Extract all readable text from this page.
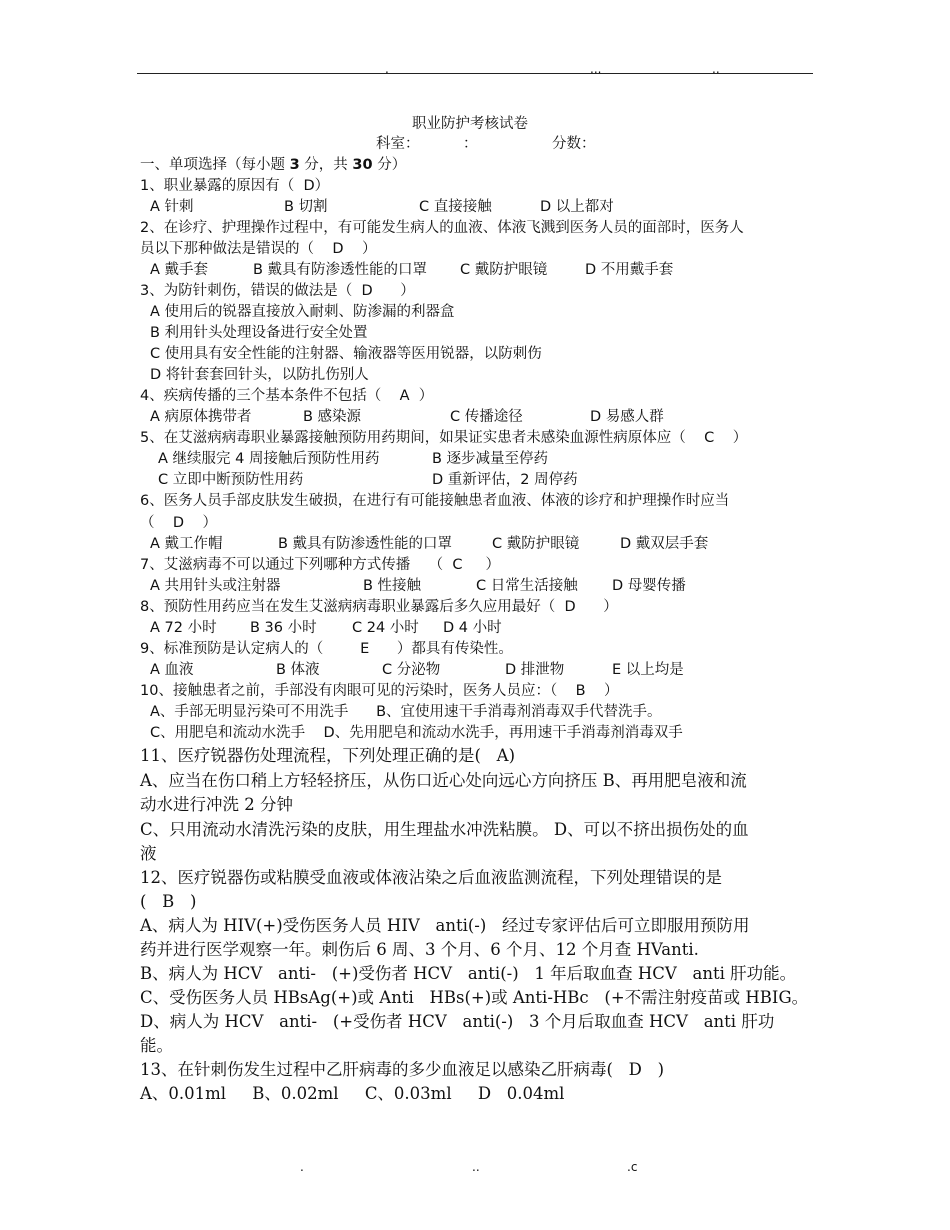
.	...	..
职业防护考核试卷
科室：	：	分数：
一、单项选择（每小题 3 分，共 30 分）
1、职业暴露的原因有（  D）
A 针刺	B 切割	C 直接接触	D 以上都对
2、在诊疗、护理操作过程中，有可能发生病人的血液、体液飞溅到医务人员的面部时，医务人
员以下那种做法是错误的（    D    ）
A 戴手套	B 戴具有防渗透性能的口罩 C 戴防护眼镜	D 不用戴手套
3、为防针刺伤，错误的做法是（  D      ）
A 使用后的锐器直接放入耐刺、防渗漏的利器盒
B 利用针头处理设备进行安全处置
C 使用具有安全性能的注射器、输液器等医用锐器，以防刺伤
D 将针套套回针头，以防扎伤别人
4、疾病传播的三个基本条件不包括（    A  ）
A 病原体携带者	B 感染源	C 传播途径	D 易感人群
5、在艾滋病病毒职业暴露接触预防用药期间，如果证实患者未感染血源性病原体应（    C    ）
A 继续服完 4 周接触后预防性用药	B 逐步减量至停药
C 立即中断预防性用药	D 重新评估，2 周停药
6、医务人员手部皮肤发生破损，在进行有可能接触患者血液、体液的诊疗和护理操作时应当
（    D    ）
A 戴工作帽	B 戴具有防渗透性能的口罩	C 戴防护眼镜	D 戴双层手套
7、艾滋病毒不可以通过下列哪种方式传播    （  C     ）
A 共用针头或注射器	B 性接触	C 日常生活接触 D 母婴传播
8、预防性用药应当在发生艾滋病病毒职业暴露后多久应用最好（  D      ）
A 72 小时 B 36 小时 C 24 小时 D 4 小时
9、标准预防是认定病人的（        E      ）都具有传染性。
A 血液	B 体液	C 分泌物	D 排泄物	E 以上均是
10、接触患者之前，手部没有肉眼可见的污染时，医务人员应：（    B    ）
A、手部无明显污染可不用洗手      B、宜使用速干手消毒剂消毒双手代替洗手。
C、用肥皂和流动水洗手    D、先用肥皂和流动水洗手，再用速干手消毒剂消毒双手
11、医疗锐器伤处理流程，下列处理正确的是(   A)
A、应当在伤口稍上方轻轻挤压，从伤口近心处向远心方向挤压 B、再用肥皂液和流
动水进行冲洗 2 分钟
C、只用流动水清洗污染的皮肤，用生理盐水冲洗粘膜。 D、可以不挤出损伤处的血
液
12、医疗锐器伤或粘膜受血液或体液沾染之后血液监测流程，下列处理错误的是
(   B   )
A、病人为 HIV(+)受伤医务人员 HIV   anti(-)   经过专家评估后可立即服用预防用
药并进行医学观察一年。刺伤后 6 周、3 个月、6 个月、12 个月查 HVanti.
B、病人为 HCV   anti-   (+)受伤者 HCV   anti(-)   1 年后取血查 HCV   anti 肝功能。
C、受伤医务人员 HBsAg(+)或 Anti   HBs(+)或 Anti-HBc   (+不需注射疫苗或 HBIG。
D、病人为 HCV   anti-   (+受伤者 HCV   anti(-)   3 个月后取血查 HCV   anti 肝功
能。
13、在针刺伤发生过程中乙肝病毒的多少血液足以感染乙肝病毒(   D   )
A、0.01ml     B、0.02ml     C、0.03ml     D   0.04ml
.	..	.c
